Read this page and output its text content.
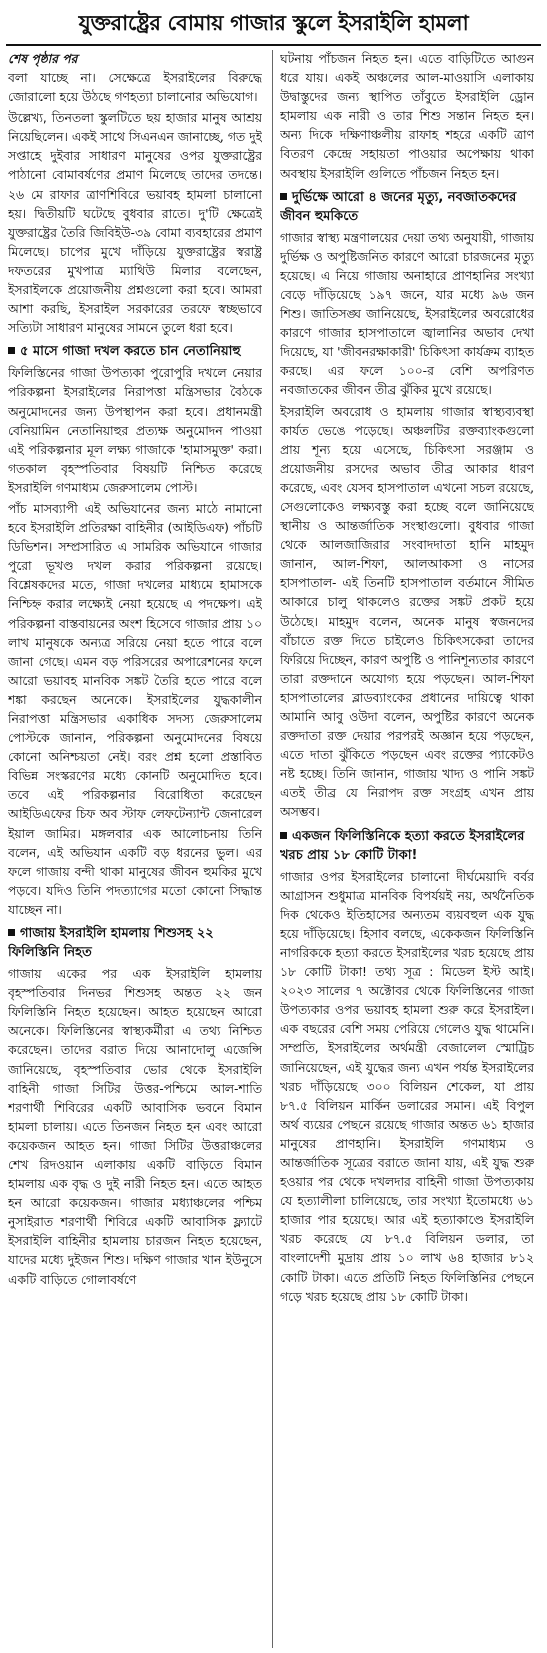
যুক্তরাষ্ট্রের বোমায় গাজার স্কুলে ইসরাইলি হামলা
শেষ পৃষ্ঠার পর

বলা যাচ্ছে না। সেক্ষেত্রে ইসরাইলের বিরুদ্ধে জোরালো হয়ে উঠছে গণহত্যা চালানোর অভিযোগ।

উল্লেখ্য, তিনতলা স্কুলটিতে ছয় হাজার মানুষ আশ্রয় নিয়েছিলেন। একই সাথে সিএনএন জানাচ্ছে, গত দুই সপ্তাহে দুইবার সাধারণ মানুষের ওপর যুক্তরাষ্ট্রের পাঠানো বোমাবর্ষণের প্রমাণ মিলেছে তাদের তদন্তে। ২৬ মে রাফার ত্রাণশিবিরে ভয়াবহ হামলা চালানো হয়। দ্বিতীয়টি ঘটেছে বুধবার রাতে। দু'টি ক্ষেত্রেই যুক্তরাষ্ট্রের তৈরি জিবিইউ-৩৯ বোমা ব্যবহারের প্রমাণ মিলেছে। চাপের মুখে দাঁড়িয়ে যুক্তরাষ্ট্রের স্বরাষ্ট্র দফতরের মুখপাত্র ম্যাথিউ মিলার বলেছেন, ইসরাইলকে প্রয়োজনীয় প্রশ্নগুলো করা হবে। আমরা আশা করছি, ইসরাইল সরকারের তরফে স্বচ্ছভাবে সত্যিটা সাধারণ মানুষের সামনে তুলে ধরা হবে।

৫ মাসে গাজা দখল করতে চান নেতানিয়াহু

ফিলিস্তিনের গাজা উপত্যকা পুরোপুরি দখলে নেয়ার পরিকল্পনা ইসরাইলের নিরাপত্তা মন্ত্রিসভার বৈঠকে অনুমোদনের জন্য উপস্থাপন করা হবে। প্রধানমন্ত্রী বেনিয়ামিন নেতানিয়াহুর প্রত্যক্ষ অনুমোদন পাওয়া এই পরিকল্পনার মূল লক্ষ্য গাজাকে 'হামাসমুক্ত' করা। গতকাল বৃহস্পতিবার বিষয়টি নিশ্চিত করেছে ইসরাইলি গণমাধ্যম জেরুসালেম পোস্ট।

পাঁচ মাসব্যাপী এই অভিযানের জন্য মাঠে নামানো হবে ইসরাইলি প্রতিরক্ষা বাহিনীর (আইডিএফ) পাঁচটি ডিভিশন। সম্প্রসারিত এ সামরিক অভিযানে গাজার পুরো ভূখণ্ড দখল করার পরিকল্পনা রয়েছে। বিশ্লেষকদের মতে, গাজা দখলের মাধ্যমে হামাসকে নিশ্চিহ্ন করার লক্ষ্যেই নেয়া হয়েছে এ পদক্ষেপ। এই পরিকল্পনা বাস্তবায়নের অংশ হিসেবে গাজার প্রায় ১০ লাখ মানুষকে অন্যত্র সরিয়ে নেয়া হতে পারে বলে জানা গেছে। এমন বড় পরিসরের অপারেশনের ফলে আরো ভয়াবহ মানবিক সঙ্কট তৈরি হতে পারে বলে শঙ্কা করছেন অনেকে। ইসরাইলের যুদ্ধকালীন নিরাপত্তা মন্ত্রিসভার একাধিক সদস্য জেরুসালেম পোস্টকে জানান, পরিকল্পনা অনুমোদনের বিষয়ে কোনো অনিশ্চয়তা নেই। বরং প্রশ্ন হলো প্রস্তাবিত বিভিন্ন সংস্করণের মধ্যে কোনটি অনুমোদিত হবে। তবে এই পরিকল্পনার বিরোধিতা করেছেন আইডিএফের চিফ অব স্টাফ লেফটেন্যান্ট জেনারেল ইয়াল জামির। মঙ্গলবার এক আলোচনায় তিনি বলেন, এই অভিযান একটি বড় ধরনের ভুল। এর ফলে গাজায় বন্দী থাকা মানুষের জীবন হুমকির মুখে পড়বে। যদিও তিনি পদত্যাগের মতো কোনো সিদ্ধান্ত যাচ্ছেন না।

গাজায় ইসরাইলি হামলায় শিশুসহ ২২ ফিলিস্তিনি নিহত

গাজায় একের পর এক ইসরাইলি হামলায় বৃহস্পতিবার দিনভর শিশুসহ অন্তত ২২ জন ফিলিস্তিনি নিহত হয়েছেন। আহত হয়েছেন আরো অনেকে। ফিলিস্তিনের স্বাস্থ্যকর্মীরা এ তথ্য নিশ্চিত করেছেন। তাদের বরাত দিয়ে আনাদোলু এজেন্সি জানিয়েছে, বৃহস্পতিবার ভোর থেকে ইসরাইলি বাহিনী গাজা সিটির উত্তর-পশ্চিমে আল-শাতি শরণার্থী শিবিরের একটি আবাসিক ভবনে বিমান হামলা চালায়। এতে তিনজন নিহত হন এবং আরো কয়েকজন আহত হন। গাজা সিটির উত্তরাঞ্চলের শেখ রিদওয়ান এলাকায় একটি বাড়িতে বিমান হামলায় এক বৃদ্ধ ও দুই নারী নিহত হন। এতে আহত হন আরো কয়েকজন। গাজার মধ্যাঞ্চলের পশ্চিম নুসাইরাত শরণার্থী শিবিরে একটি আবাসিক ফ্ল্যাটে ইসরাইলি বাহিনীর হামলায় চারজন নিহত হয়েছেন, যাদের মধ্যে দুইজন শিশু। দক্ষিণ গাজার খান ইউনুসে একটি বাড়িতে গোলাবর্ষণে

ঘটনায় পাঁচজন নিহত হন। এতে বাড়িটিতে আগুন ধরে যায়। একই অঞ্চলের আল-মাওয়াসি এলাকায় উদ্বাস্তুদের জন্য স্থাপিত তাঁবুতে ইসরাইলি ড্রোন হামলায় এক নারী ও তার শিশু সন্তান নিহত হন। অন্য দিকে দক্ষিণাঞ্চলীয় রাফাহ শহরে একটি ত্রাণ বিতরণ কেন্দ্রে সহায়তা পাওয়ার অপেক্ষায় থাকা অবস্থায় ইসরাইলি গুলিতে পাঁচজন নিহত হন।

দুর্ভিক্ষে আরো ৪ জনের মৃত্যু, নবজাতকদের জীবন হুমকিতে

গাজার স্বাস্থ্য মন্ত্রণালয়ের দেয়া তথ্য অনুযায়ী, গাজায় দুর্ভিক্ষ ও অপুষ্টিজনিত কারণে আরো চারজনের মৃত্যু হয়েছে। এ নিয়ে গাজায় অনাহারে প্রাণহানির সংখ্যা বেড়ে দাঁড়িয়েছে ১৯৭ জনে, যার মধ্যে ৯৬ জন শিশু। জাতিসঙ্ঘ জানিয়েছে, ইসরাইলের অবরোধের কারণে গাজার হাসপাতালে জ্বালানির অভাব দেখা দিয়েছে, যা 'জীবনরক্ষাকারী' চিকিৎসা কার্যক্রম ব্যাহত করছে। এর ফলে ১০০-র বেশি অপরিণত নবজাতকের জীবন তীব্র ঝুঁকির মুখে রয়েছে।

ইসরাইলি অবরোধ ও হামলায় গাজার স্বাস্থ্যব্যবস্থা কার্যত ভেঙে পড়েছে। অঞ্চলটির রক্তব্যাংকগুলো প্রায় শূন্য হয়ে এসেছে, চিকিৎসা সরঞ্জাম ও প্রয়োজনীয় রসদের অভাব তীব্র আকার ধারণ করেছে, এবং যেসব হাসপাতাল এখনো সচল রয়েছে, সেগুলোকেও লক্ষ্যবস্তু করা হচ্ছে বলে জানিয়েছে স্থানীয় ও আন্তর্জাতিক সংস্থাগুলো। বুধবার গাজা থেকে আলজাজিরার সংবাদদাতা হানি মাহমুদ জানান, আল-শিফা, আলআকসা ও নাসের হাসপাতাল- এই তিনটি হাসপাতাল বর্তমানে সীমিত আকারে চালু থাকলেও রক্তের সঙ্কট প্রকট হয়ে উঠেছে। মাহমুদ বলেন, অনেক মানুষ স্বজনদের বাঁচাতে রক্ত দিতে চাইলেও চিকিৎসকেরা তাদের ফিরিয়ে দিচ্ছেন, কারণ অপুষ্টি ও পানিশূন্যতার কারণে তারা রক্তদানে অযোগ্য হয়ে পড়ছেন। আল-শিফা হাসপাতালের ব্লাডব্যাংকের প্রধানের দায়িত্বে থাকা আমানি আবু ওউদা বলেন, অপুষ্টির কারণে অনেক রক্তদাতা রক্ত দেয়ার পরপরই অজ্ঞান হয়ে পড়ছেন, এতে দাতা ঝুঁকিতে পড়ছেন এবং রক্তের প্যাকেটও নষ্ট হচ্ছে। তিনি জানান, গাজায় খাদ্য ও পানি সঙ্কট এতই তীব্র যে নিরাপদ রক্ত সংগ্রহ এখন প্রায় অসম্ভব।

একজন ফিলিস্তিনিকে হত্যা করতে ইসরাইলের খরচ প্রায় ১৮ কোটি টাকা!

গাজার ওপর ইসরাইলের চালানো দীর্ঘমেয়াদি বর্বর আগ্রাসন শুধুমাত্র মানবিক বিপর্যয়ই নয়, অর্থনৈতিক দিক থেকেও ইতিহাসের অন্যতম ব্যয়বহুল এক যুদ্ধ হয়ে দাঁড়িয়েছে। হিসাব বলছে, একেকজন ফিলিস্তিনি নাগরিককে হত্যা করতে ইসরাইলের খরচ হয়েছে প্রায় ১৮ কোটি টাকা! তথ্য সূত্র : মিডেল ইস্ট আই। ২০২৩ সালের ৭ অক্টোবর থেকে ফিলিস্তিনের গাজা উপত্যকার ওপর ভয়াবহ হামলা শুরু করে ইসরাইল। এক বছরের বেশি সময় পেরিয়ে গেলেও যুদ্ধ থামেনি। সম্প্রতি, ইসরাইলের অর্থমন্ত্রী বেজালেল স্মোট্রিচ জানিয়েছেন, এই যুদ্ধের জন্য এখন পর্যন্ত ইসরাইলের খরচ দাঁড়িয়েছে ৩০০ বিলিয়ন শেকেল, যা প্রায় ৮৭.৫ বিলিয়ন মার্কিন ডলারের সমান। এই বিপুল অর্থ ব্যয়ের পেছনে রয়েছে গাজার অন্তত ৬১ হাজার মানুষের প্রাণহানি। ইসরাইলি গণমাধ্যম ও আন্তর্জাতিক সূত্রের বরাতে জানা যায়, এই যুদ্ধ শুরু হওয়ার পর থেকে দখলদার বাহিনী গাজা উপত্যকায় যে হত্যালীলা চালিয়েছে, তার সংখ্যা ইতোমধ্যে ৬১ হাজার পার হয়েছে। আর এই হত্যাকাণ্ডে ইসরাইলি খরচ করেছে যে ৮৭.৫ বিলিয়ন ডলার, তা বাংলাদেশী মুদ্রায় প্রায় ১০ লাখ ৬৪ হাজার ৮১২ কোটি টাকা। এতে প্রতিটি নিহত ফিলিস্তিনির পেছনে গড়ে খরচ হয়েছে প্রায় ১৮ কোটি টাকা।
